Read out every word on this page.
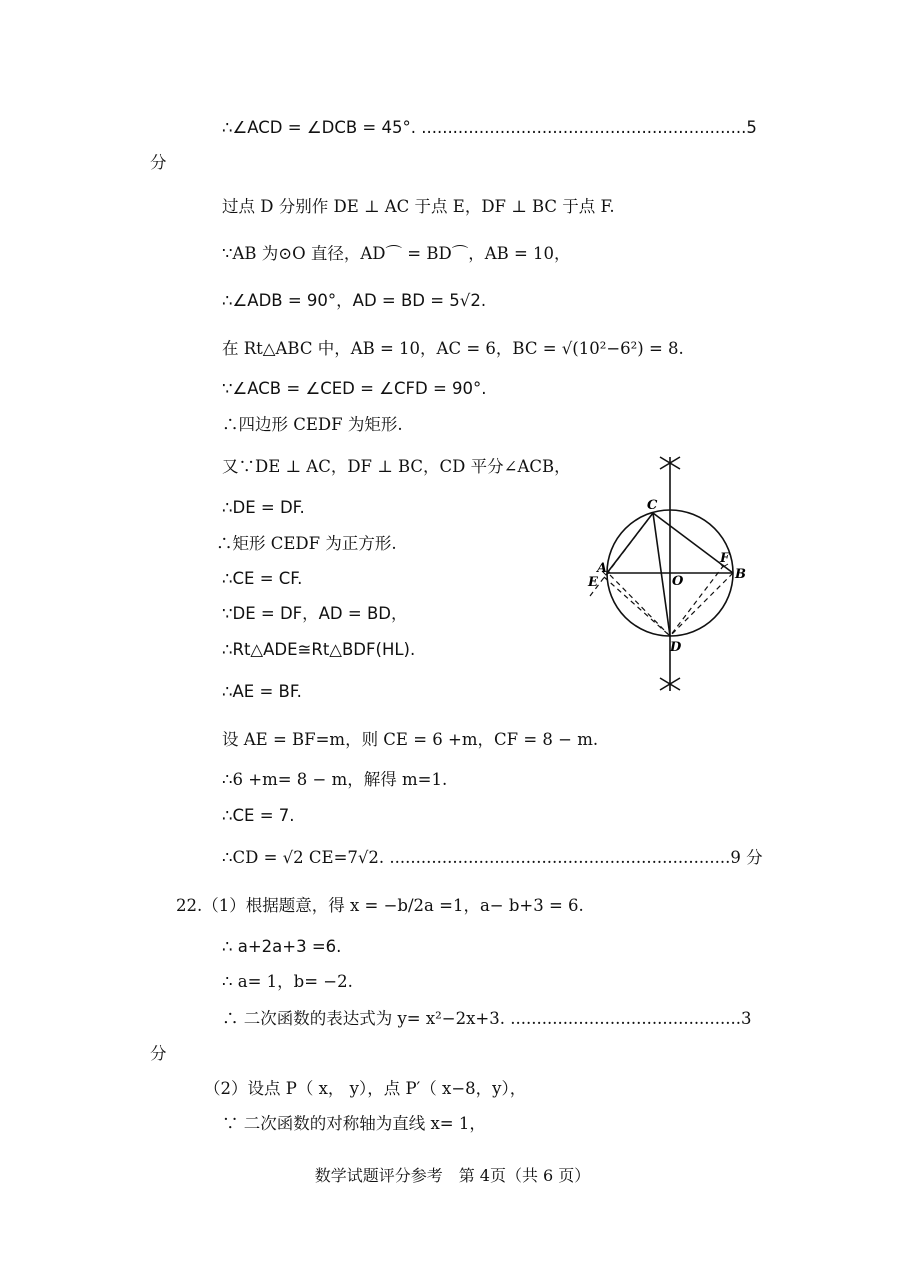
∴∠ACD = ∠DCB = 45°. ..............................................................5
分
过点 D 分别作 DE ⊥ AC 于点 E，DF ⊥ BC 于点 F.
∵AB 为⊙O 直径，AD⌒ = BD⌒，AB = 10，
∴∠ADB = 90°，AD = BD = 5√2.
在 Rt△ABC 中，AB = 10，AC = 6，BC = √(10²−6²) = 8.
∵∠ACB = ∠CED = ∠CFD = 90°.
∴四边形 CEDF 为矩形.
又∵DE ⊥ AC，DF ⊥ BC，CD 平分∠ACB，
∴DE = DF.
∴矩形 CEDF 为正方形.
∴CE = CF.
∵DE = DF，AD = BD，
∴Rt△ADE≅Rt△BDF(HL).
∴AE = BF.
设 AE = BF=m，则 CE = 6 +m，CF = 8 − m.
∴6 +m= 8 − m，解得 m=1.
∴CE = 7.
∴CD = √2 CE=7√2. .................................................................9 分
22.（1）根据题意，得 x = −b/2a =1，a− b+3 = 6.
∴ a+2a+3 =6.
∴ a= 1，b= −2.
∴ 二次函数的表达式为 y= x²−2x+3. ............................................3
分
（2）设点 P（ x， y），点 P′（ x−8，y），
∵ 二次函数的对称轴为直线 x= 1，
C
A
E	O
F
B
D
数学试题评分参考　第 4页（共 6 页）
